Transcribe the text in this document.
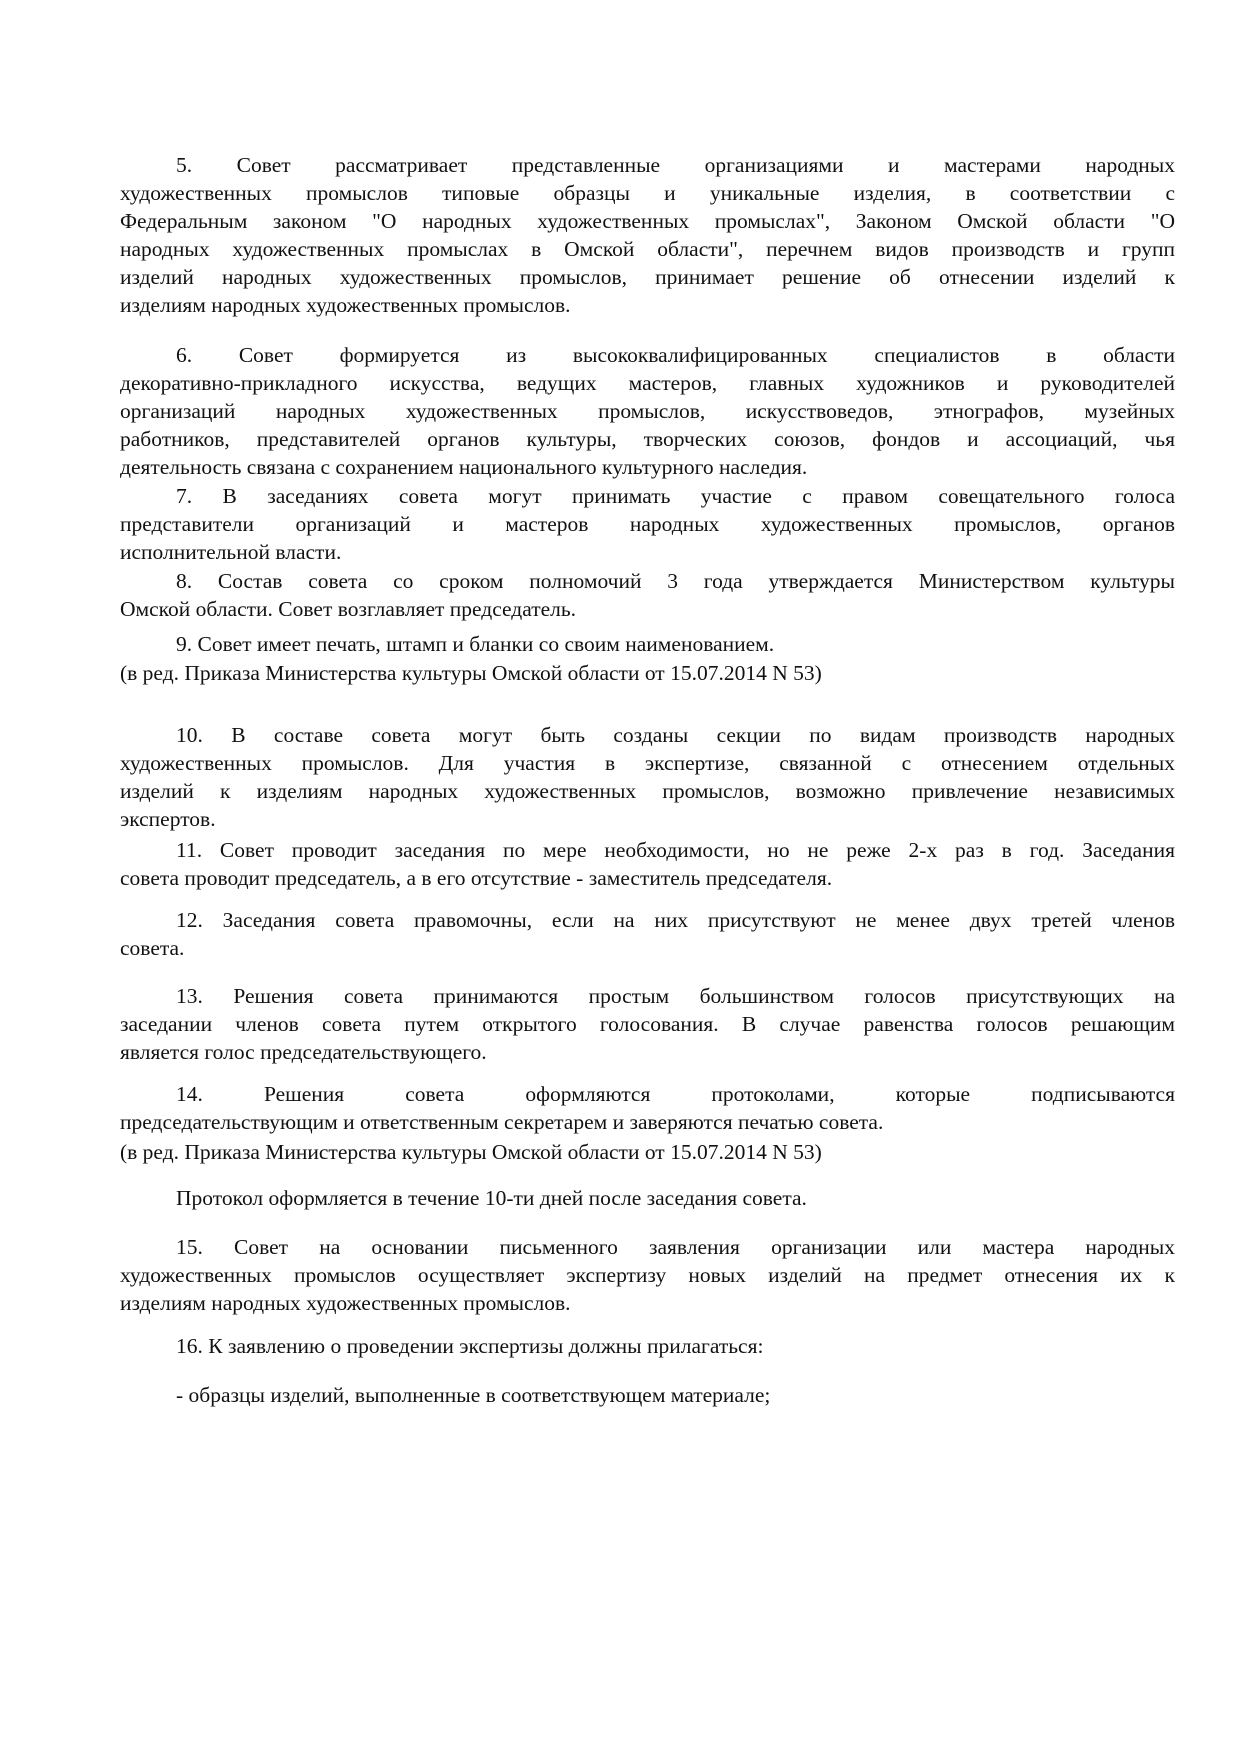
5. Совет рассматривает представленные организациями и мастерами народных
художественных промыслов типовые образцы и уникальные изделия, в соответствии с
Федеральным законом "О народных художественных промыслах", Законом Омской области "О
народных художественных промыслах в Омской области", перечнем видов производств и групп
изделий народных художественных промыслов, принимает решение об отнесении изделий к
изделиям народных художественных промыслов.
6. Совет формируется из высококвалифицированных специалистов в области
декоративно-прикладного искусства, ведущих мастеров, главных художников и руководителей
организаций народных художественных промыслов, искусствоведов, этнографов, музейных
работников, представителей органов культуры, творческих союзов, фондов и ассоциаций, чья
деятельность связана с сохранением национального культурного наследия.
7. В заседаниях совета могут принимать участие с правом совещательного голоса
представители организаций и мастеров народных художественных промыслов, органов
исполнительной власти.
8. Состав совета со сроком полномочий 3 года утверждается Министерством культуры
Омской области. Совет возглавляет председатель.
9. Совет имеет печать, штамп и бланки со своим наименованием.
(в ред. Приказа Министерства культуры Омской области от 15.07.2014 N 53)
10. В составе совета могут быть созданы секции по видам производств народных
художественных промыслов. Для участия в экспертизе, связанной с отнесением отдельных
изделий к изделиям народных художественных промыслов, возможно привлечение независимых
экспертов.
11. Совет проводит заседания по мере необходимости, но не реже 2-х раз в год. Заседания
совета проводит председатель, а в его отсутствие - заместитель председателя.
12. Заседания совета правомочны, если на них присутствуют не менее двух третей членов
совета.
13. Решения совета принимаются простым большинством голосов присутствующих на
заседании членов совета путем открытого голосования. В случае равенства голосов решающим
является голос председательствующего.
14. Решения совета оформляются протоколами, которые подписываются
председательствующим и ответственным секретарем и заверяются печатью совета.
(в ред. Приказа Министерства культуры Омской области от 15.07.2014 N 53)
Протокол оформляется в течение 10-ти дней после заседания совета.
15. Совет на основании письменного заявления организации или мастера народных
художественных промыслов осуществляет экспертизу новых изделий на предмет отнесения их к
изделиям народных художественных промыслов.
16. К заявлению о проведении экспертизы должны прилагаться:
- образцы изделий, выполненные в соответствующем материале;
